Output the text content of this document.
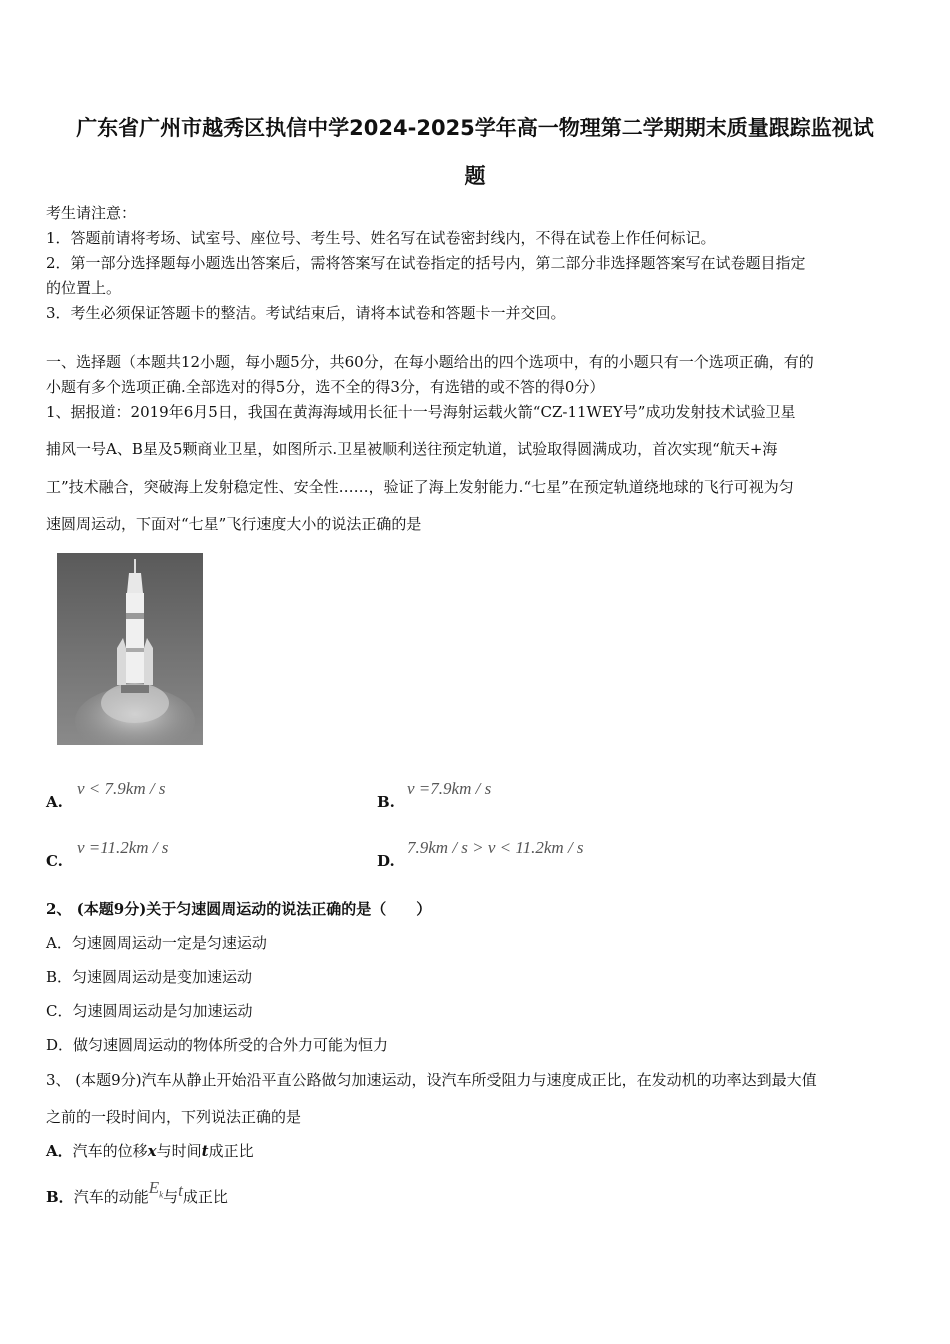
广东省广州市越秀区执信中学2024-2025学年高一物理第二学期期末质量跟踪监视试
题
考生请注意：
1．答题前请将考场、试室号、座位号、考生号、姓名写在试卷密封线内，不得在试卷上作任何标记。
2．第一部分选择题每小题选出答案后，需将答案写在试卷指定的括号内，第二部分非选择题答案写在试卷题目指定
的位置上。
3．考生必须保证答题卡的整洁。考试结束后，请将本试卷和答题卡一并交回。
一、选择题（本题共12小题，每小题5分，共60分，在每小题给出的四个选项中，有的小题只有一个选项正确，有的
小题有多个选项正确.全部选对的得5分，选不全的得3分，有选错的或不答的得0分）
1、据报道：2019年6月5日，我国在黄海海域用长征十一号海射运载火箭“CZ-11WEY号”成功发射技术试验卫星
捕风一号A、B星及5颗商业卫星，如图所示.卫星被顺利送往预定轨道，试验取得圆满成功，首次实现“航天+海
工”技术融合，突破海上发射稳定性、安全性……，验证了海上发射能力.“七星”在预定轨道绕地球的飞行可视为匀
速圆周运动，下面对“七星”飞行速度大小的说法正确的是
A.
v < 7.9km / s
B.
v =7.9km / s
C.
v =11.2km / s
D.
7.9km / s > v < 11.2km / s
2、 (本题9分)关于匀速圆周运动的说法正确的是（　　）
A．匀速圆周运动一定是匀速运动
B．匀速圆周运动是变加速运动
C．匀速圆周运动是匀加速运动
D．做匀速圆周运动的物体所受的合外力可能为恒力
3、 (本题9分)汽车从静止开始沿平直公路做匀加速运动，设汽车所受阻力与速度成正比，在发动机的功率达到最大值
之前的一段时间内，下列说法正确的是
A．汽车的位移x与时间t成正比
B．汽车的动能$E_k$与t成正比
